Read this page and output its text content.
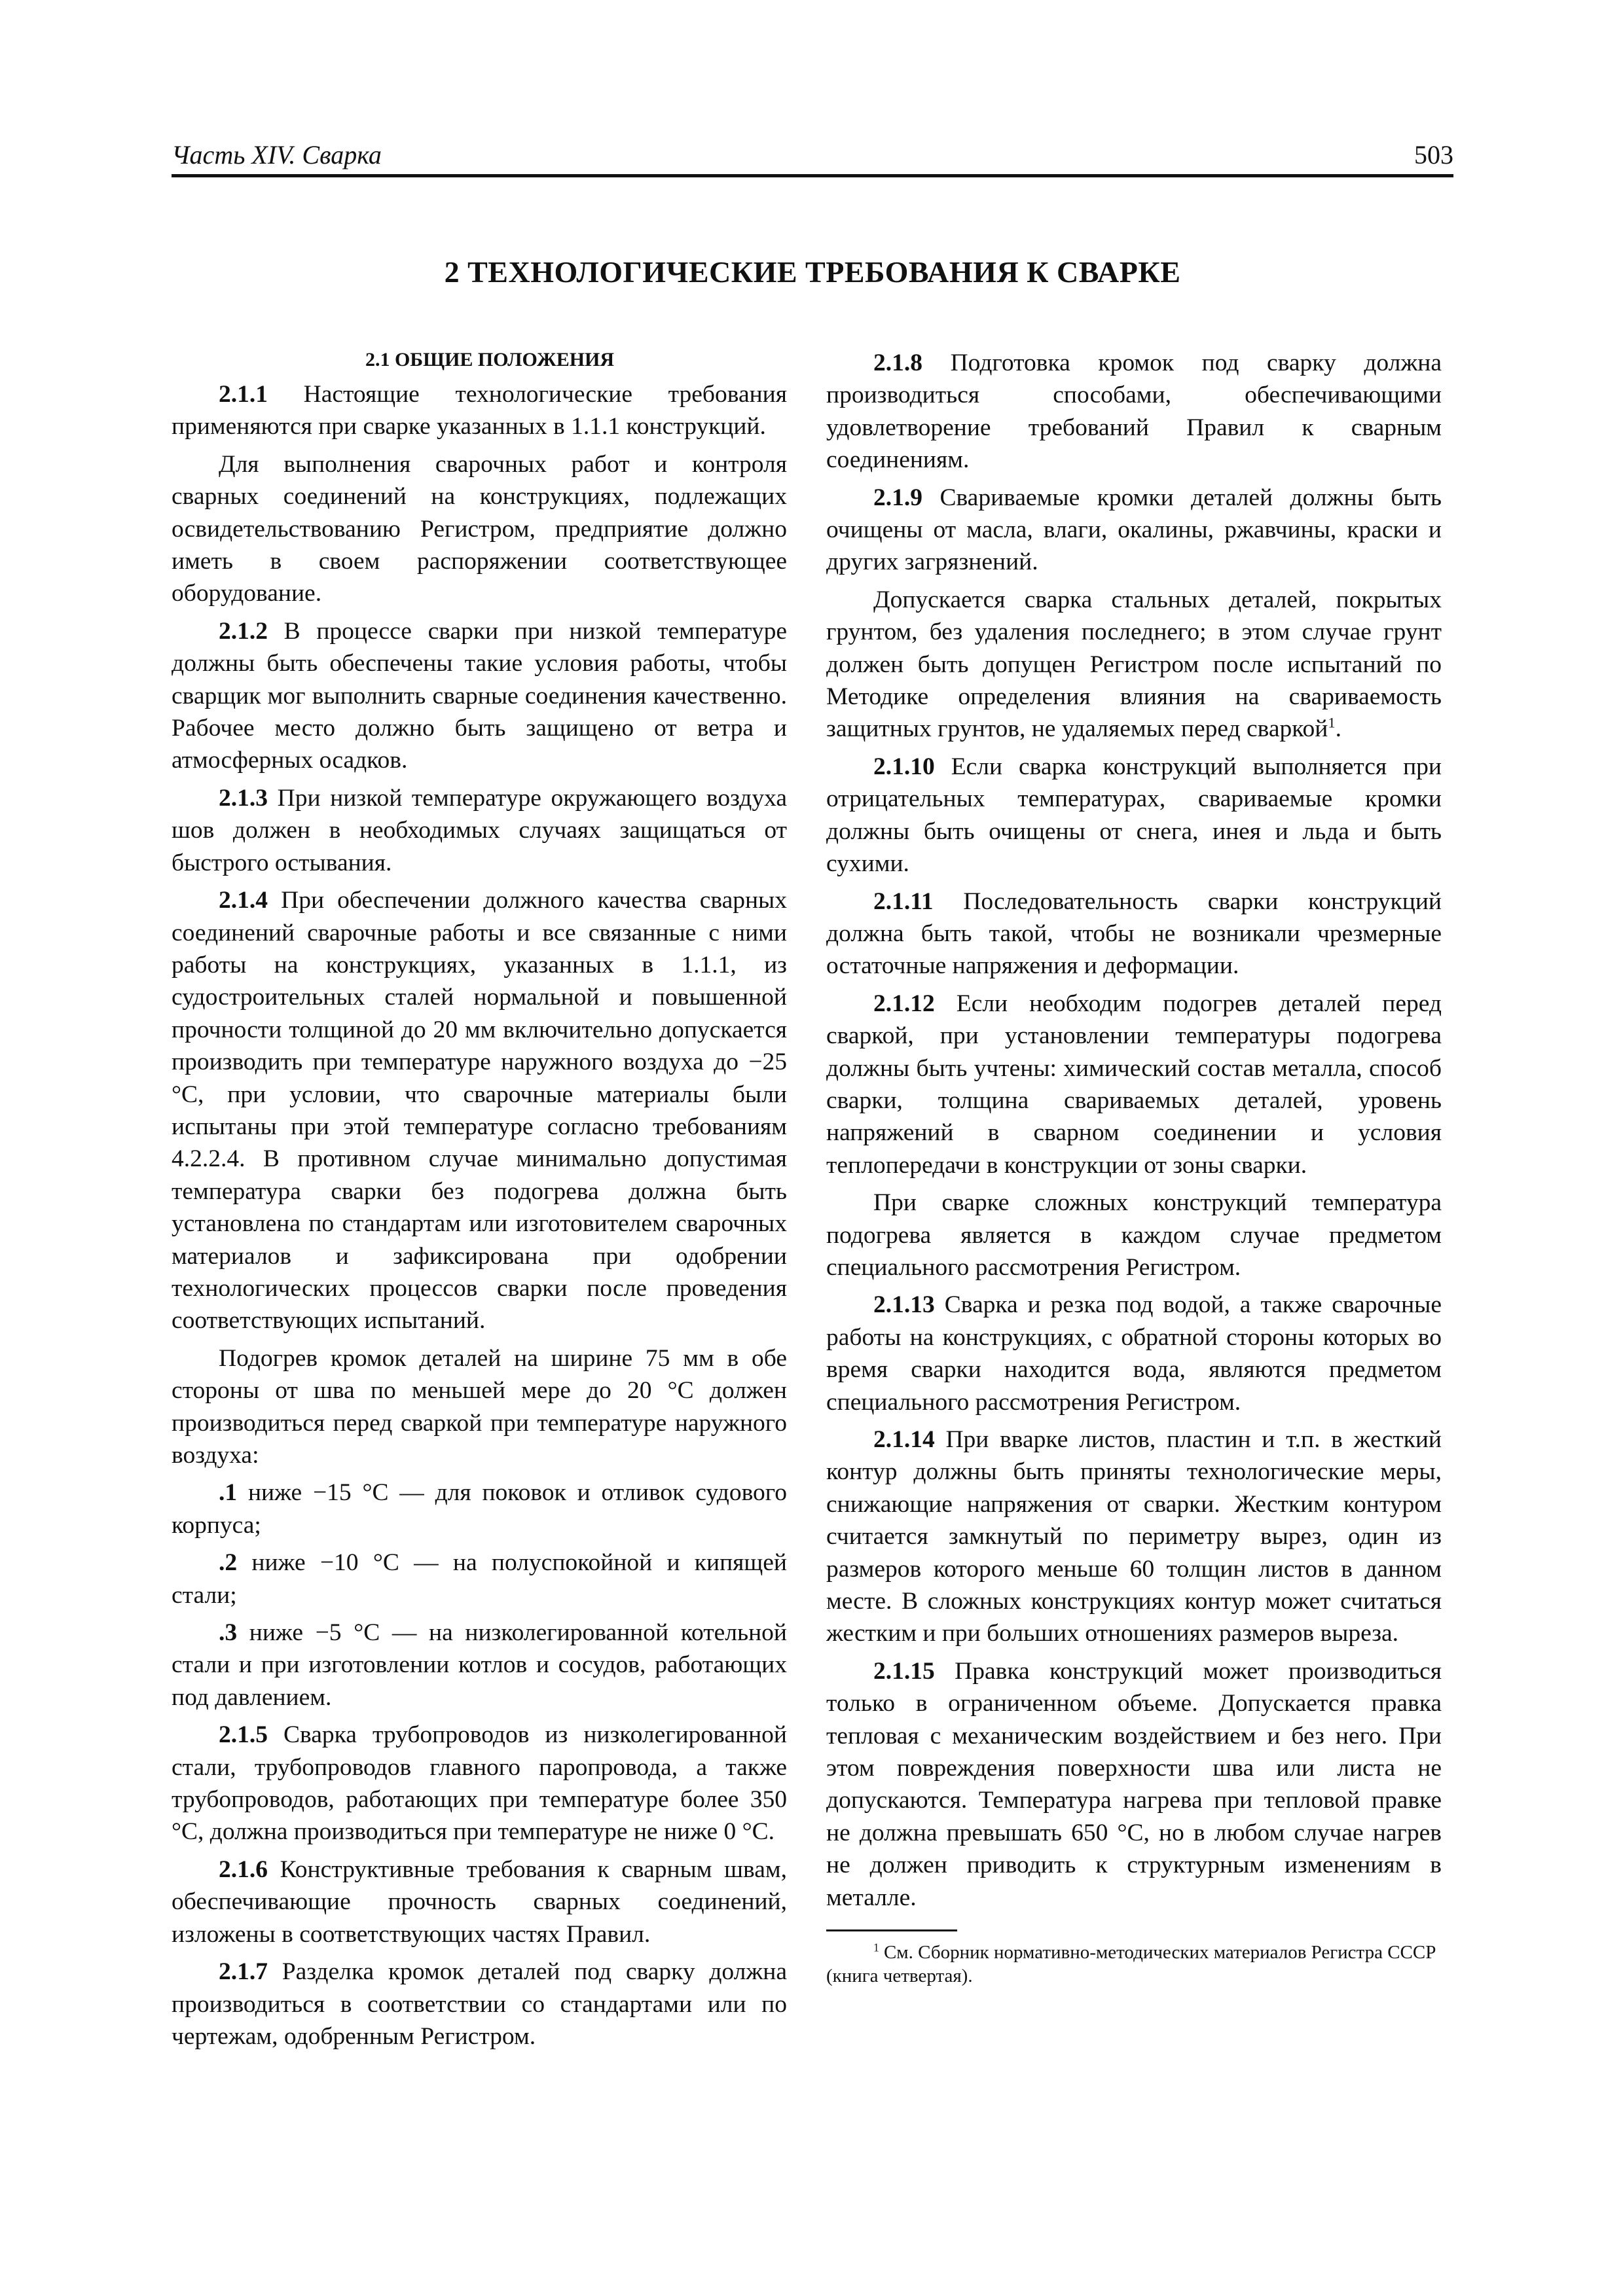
Часть XIV. Сварка	503
2 ТЕХНОЛОГИЧЕСКИЕ ТРЕБОВАНИЯ К СВАРКЕ

2.1 ОБЩИЕ ПОЛОЖЕНИЯ

2.1.1 Настоящие технологические требования применяются при сварке указанных в 1.1.1 конструкций.

Для выполнения сварочных работ и контроля сварных соединений на конструкциях, подлежащих освидетельствованию Регистром, предприятие должно иметь в своем распоряжении соответствующее оборудование.

2.1.2 В процессе сварки при низкой температуре должны быть обеспечены такие условия работы, чтобы сварщик мог выполнить сварные соединения качественно. Рабочее место должно быть защищено от ветра и атмосферных осадков.

2.1.3 При низкой температуре окружающего воздуха шов должен в необходимых случаях защищаться от быстрого остывания.

2.1.4 При обеспечении должного качества сварных соединений сварочные работы и все связанные с ними работы на конструкциях, указанных в 1.1.1, из судостроительных сталей нормальной и повышенной прочности толщиной до 20 мм включительно допускается производить при температуре наружного воздуха до −25 °С, при условии, что сварочные материалы были испытаны при этой температуре согласно требованиям 4.2.2.4. В противном случае минимально допустимая температура сварки без подогрева должна быть установлена по стандартам или изготовителем сварочных материалов и зафиксирована при одобрении технологических процессов сварки после проведения соответствующих испытаний.

Подогрев кромок деталей на ширине 75 мм в обе стороны от шва по меньшей мере до 20 °С должен производиться перед сваркой при температуре наружного воздуха:

.1 ниже −15 °С — для поковок и отливок судового корпуса;

.2 ниже −10 °С — на полуспокойной и кипящей стали;

.3 ниже −5 °С — на низколегированной котельной стали и при изготовлении котлов и сосудов, работающих под давлением.

2.1.5 Сварка трубопроводов из низколегированной стали, трубопроводов главного паропровода, а также трубопроводов, работающих при температуре более 350 °С, должна производиться при температуре не ниже 0 °С.

2.1.6 Конструктивные требования к сварным швам, обеспечивающие прочность сварных соединений, изложены в соответствующих частях Правил.

2.1.7 Разделка кромок деталей под сварку должна производиться в соответствии со стандартами или по чертежам, одобренным Регистром.

2.1.8 Подготовка кромок под сварку должна производиться способами, обеспечивающими удовлетворение требований Правил к сварным соединениям.

2.1.9 Свариваемые кромки деталей должны быть очищены от масла, влаги, окалины, ржавчины, краски и других загрязнений.

Допускается сварка стальных деталей, покрытых грунтом, без удаления последнего; в этом случае грунт должен быть допущен Регистром после испытаний по Методике определения влияния на свариваемость защитных грунтов, не удаляемых перед сваркой$^1$.

2.1.10 Если сварка конструкций выполняется при отрицательных температурах, свариваемые кромки должны быть очищены от снега, инея и льда и быть сухими.

2.1.11 Последовательность сварки конструкций должна быть такой, чтобы не возникали чрезмерные остаточные напряжения и деформации.

2.1.12 Если необходим подогрев деталей перед сваркой, при установлении температуры подогрева должны быть учтены: химический состав металла, способ сварки, толщина свариваемых деталей, уровень напряжений в сварном соединении и условия теплопередачи в конструкции от зоны сварки.

При сварке сложных конструкций температура подогрева является в каждом случае предметом специального рассмотрения Регистром.

2.1.13 Сварка и резка под водой, а также сварочные работы на конструкциях, с обратной стороны которых во время сварки находится вода, являются предметом специального рассмотрения Регистром.

2.1.14 При вварке листов, пластин и т.п. в жесткий контур должны быть приняты технологические меры, снижающие напряжения от сварки. Жестким контуром считается замкнутый по периметру вырез, один из размеров которого меньше 60 толщин листов в данном месте. В сложных конструкциях контур может считаться жестким и при больших отношениях размеров выреза.

2.1.15 Правка конструкций может производиться только в ограниченном объеме. Допускается правка тепловая с механическим воздействием и без него. При этом повреждения поверхности шва или листа не допускаются. Температура нагрева при тепловой правке не должна превышать 650 °С, но в любом случае нагрев не должен приводить к структурным изменениям в металле.

$^1$ См. Сборник нормативно-методических материалов Регистра СССР (книга четвертая).
